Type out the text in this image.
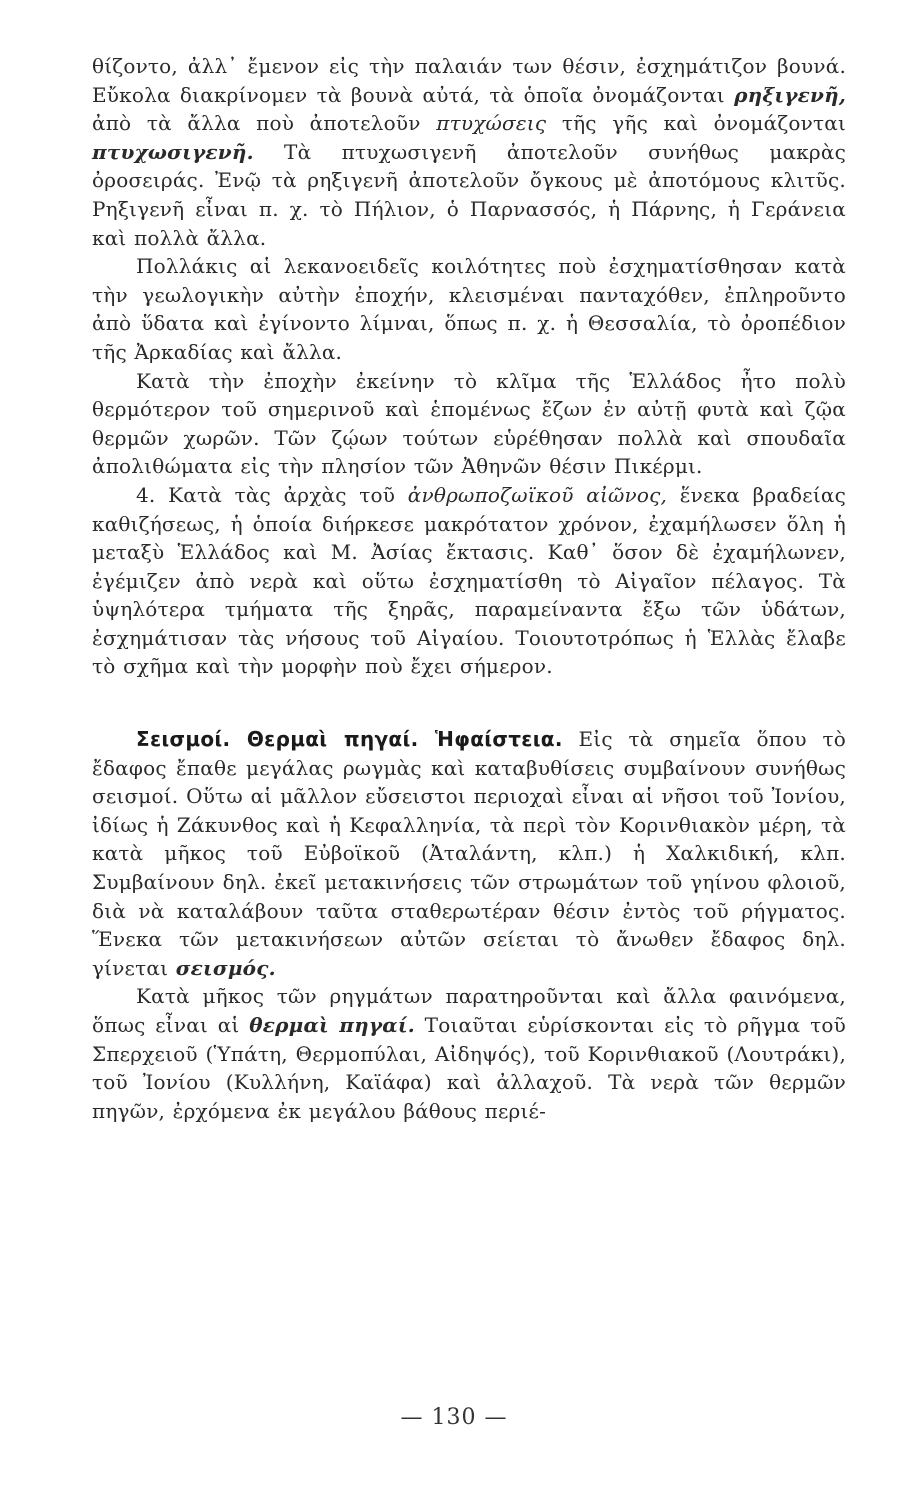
θίζοντο, ἀλλ᾽ ἔμενον εἰς τὴν παλαιάν των θέσιν, ἐσχημάτιζον βουνά. Εὔκολα διακρίνομεν τὰ βουνὰ αὐτά, τὰ ὁποῖα ὀνομάζονται ρηξιγενῆ, ἀπὸ τὰ ἄλλα ποὺ ἀποτελοῦν πτυχώσεις τῆς γῆς καὶ ὀνομάζονται πτυχωσιγενῆ. Τὰ πτυχωσιγενῆ ἀποτελοῦν συνήθως μακρὰς ὀροσειράς. Ἐνῷ τὰ ρηξιγενῆ ἀποτελοῦν ὄγκους μὲ ἀποτόμους κλιτῦς. Ρηξιγενῆ εἶναι π. χ. τὸ Πήλιον, ὁ Παρνασσός, ἡ Πάρνης, ἡ Γεράνεια καὶ πολλὰ ἄλλα.

Πολλάκις αἱ λεκανοειδεῖς κοιλότητες ποὺ ἐσχηματίσθησαν κατὰ τὴν γεωλογικὴν αὐτὴν ἐποχήν, κλεισμέναι πανταχόθεν, ἐπληροῦντο ἀπὸ ὕδατα καὶ ἐγίνοντο λίμναι, ὅπως π. χ. ἡ Θεσσαλία, τὸ ὀροπέδιον τῆς Ἀρκαδίας καὶ ἄλλα.

Κατὰ τὴν ἐποχὴν ἐκείνην τὸ κλῖμα τῆς Ἑλλάδος ἦτο πολὺ θερμότερον τοῦ σημερινοῦ καὶ ἑπομένως ἔζων ἐν αὐτῇ φυτὰ καὶ ζῷα θερμῶν χωρῶν. Τῶν ζῴων τούτων εὑρέθησαν πολλὰ καὶ σπουδαῖα ἀπολιθώματα εἰς τὴν πλησίον τῶν Ἀθηνῶν θέσιν Πικέρμι.

4. Κατὰ τὰς ἀρχὰς τοῦ ἀνθρωποζωϊκοῦ αἰῶνος, ἕνεκα βραδείας καθιζήσεως, ἡ ὁποία διήρκεσε μακρότατον χρόνον, ἐχαμήλωσεν ὅλη ἡ μεταξὺ Ἑλλάδος καὶ Μ. Ἀσίας ἔκτασις. Καθ᾽ ὅσον δὲ ἐχαμήλωνεν, ἐγέμιζεν ἀπὸ νερὰ καὶ οὕτω ἐσχηματίσθη τὸ Αἰγαῖον πέλαγος. Τὰ ὑψηλότερα τμήματα τῆς ξηρᾶς, παραμείναντα ἔξω τῶν ὑδάτων, ἐσχημάτισαν τὰς νήσους τοῦ Αἰγαίου. Τοιουτοτρόπως ἡ Ἑλλὰς ἔλαβε τὸ σχῆμα καὶ τὴν μορφὴν ποὺ ἔχει σήμερον.

Σεισμοί. Θερμαὶ πηγαί. Ἡφαίστεια. Εἰς τὰ σημεῖα ὅπου τὸ ἔδαφος ἔπαθε μεγάλας ρωγμὰς καὶ καταβυθίσεις συμβαίνουν συνήθως σεισμοί. Οὕτω αἱ μᾶλλον εὔσειστοι περιοχαὶ εἶναι αἱ νῆσοι τοῦ Ἰονίου, ἰδίως ἡ Ζάκυνθος καὶ ἡ Κεφαλληνία, τὰ περὶ τὸν Κορινθιακὸν μέρη, τὰ κατὰ μῆκος τοῦ Εὐβοϊκοῦ (Ἀταλάντη, κλπ.) ἡ Χαλκιδική, κλπ. Συμβαίνουν δηλ. ἐκεῖ μετακινήσεις τῶν στρωμάτων τοῦ γηίνου φλοιοῦ, διὰ νὰ καταλάβουν ταῦτα σταθερωτέραν θέσιν ἐντὸς τοῦ ρήγματος. Ἕνεκα τῶν μετακινήσεων αὐτῶν σείεται τὸ ἄνωθεν ἔδαφος δηλ. γίνεται σεισμός.

Κατὰ μῆκος τῶν ρηγμάτων παρατηροῦνται καὶ ἄλλα φαινόμενα, ὅπως εἶναι αἱ θερμαὶ πηγαί. Τοιαῦται εὑρίσκονται εἰς τὸ ρῆγμα τοῦ Σπερχειοῦ (Ὑπάτη, Θερμοπύλαι, Αἰδηψός), τοῦ Κορινθιακοῦ (Λουτράκι), τοῦ Ἰονίου (Κυλλήνη, Καϊάφα) καὶ ἀλλαχοῦ. Τὰ νερὰ τῶν θερμῶν πηγῶν, ἐρχόμενα ἐκ μεγάλου βάθους περιέ-

— 130 —
